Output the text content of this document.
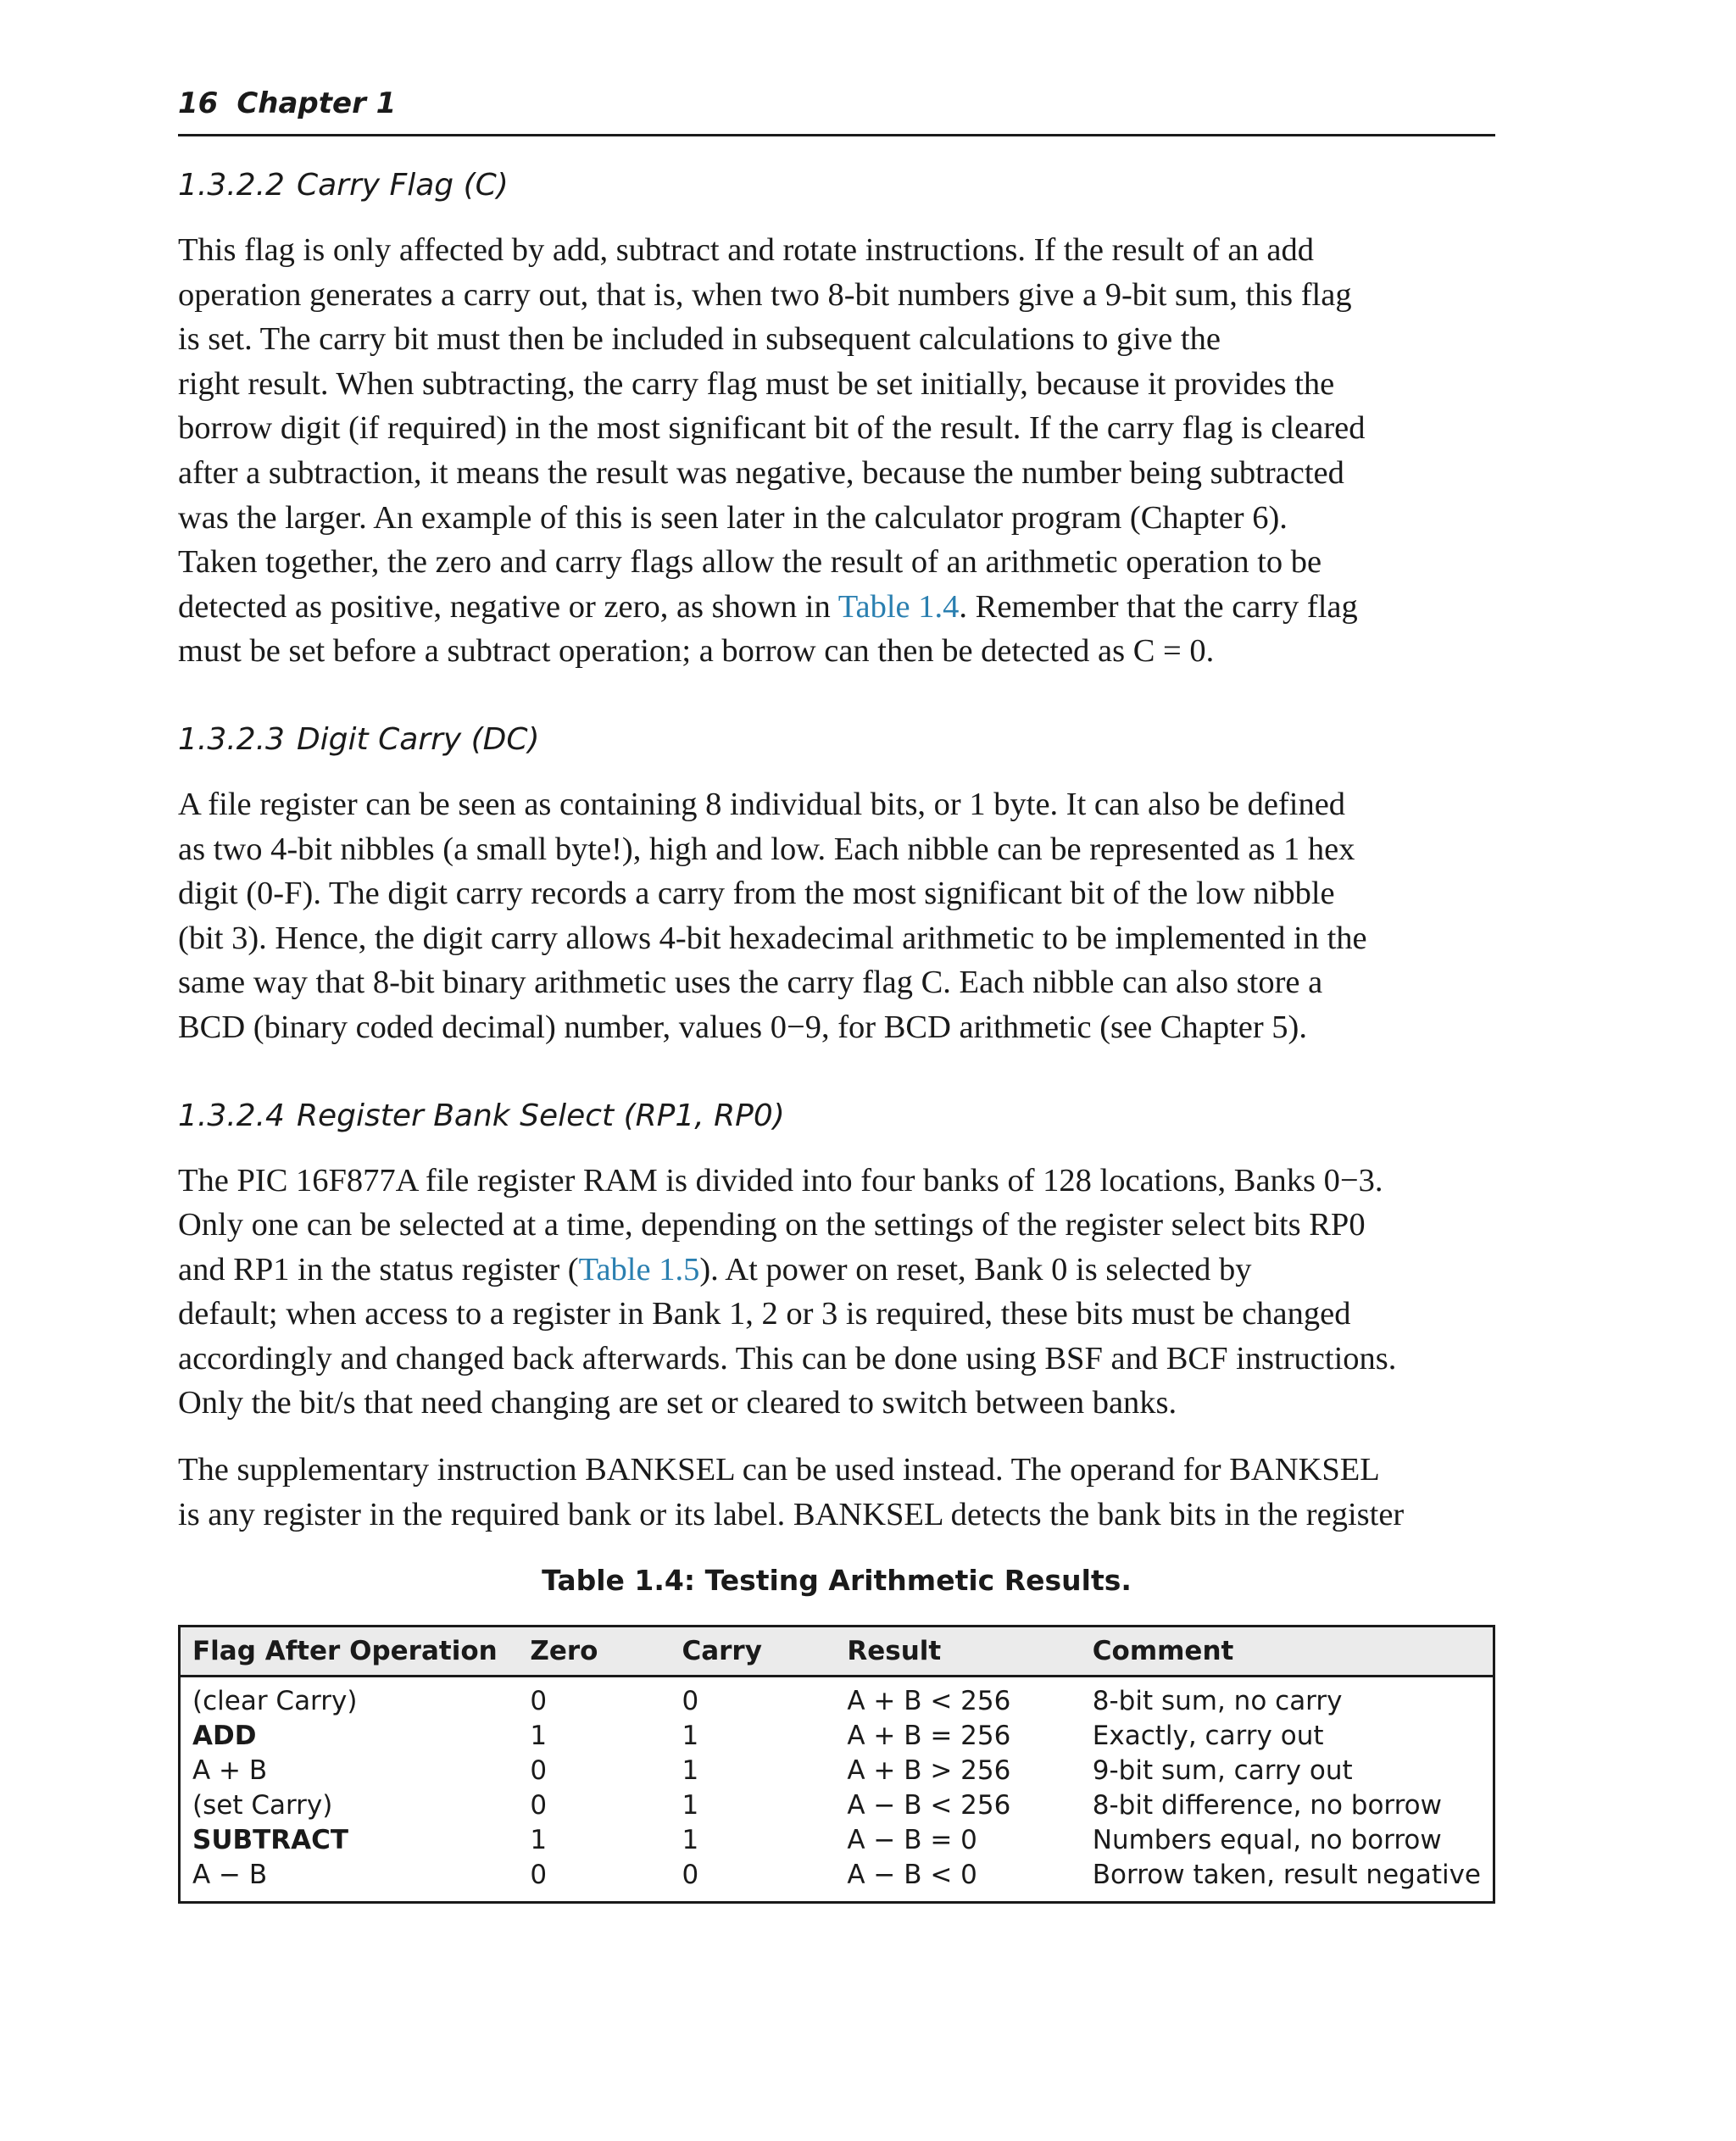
16 Chapter 1
1.3.2.2 Carry Flag (C)

This flag is only affected by add, subtract and rotate instructions. If the result of an add
operation generates a carry out, that is, when two 8-bit numbers give a 9-bit sum, this flag
is set. The carry bit must then be included in subsequent calculations to give the
right result. When subtracting, the carry flag must be set initially, because it provides the
borrow digit (if required) in the most significant bit of the result. If the carry flag is cleared
after a subtraction, it means the result was negative, because the number being subtracted
was the larger. An example of this is seen later in the calculator program (Chapter 6).
Taken together, the zero and carry flags allow the result of an arithmetic operation to be
detected as positive, negative or zero, as shown in Table 1.4. Remember that the carry flag
must be set before a subtract operation; a borrow can then be detected as C = 0.

1.3.2.3 Digit Carry (DC)

A file register can be seen as containing 8 individual bits, or 1 byte. It can also be defined
as two 4-bit nibbles (a small byte!), high and low. Each nibble can be represented as 1 hex
digit (0-F). The digit carry records a carry from the most significant bit of the low nibble
(bit 3). Hence, the digit carry allows 4-bit hexadecimal arithmetic to be implemented in the
same way that 8-bit binary arithmetic uses the carry flag C. Each nibble can also store a
BCD (binary coded decimal) number, values 0−9, for BCD arithmetic (see Chapter 5).

1.3.2.4 Register Bank Select (RP1, RP0)

The PIC 16F877A file register RAM is divided into four banks of 128 locations, Banks 0−3.
Only one can be selected at a time, depending on the settings of the register select bits RP0
and RP1 in the status register (Table 1.5). At power on reset, Bank 0 is selected by
default; when access to a register in Bank 1, 2 or 3 is required, these bits must be changed
accordingly and changed back afterwards. This can be done using BSF and BCF instructions.
Only the bit/s that need changing are set or cleared to switch between banks.

The supplementary instruction BANKSEL can be used instead. The operand for BANKSEL
is any register in the required bank or its label. BANKSEL detects the bank bits in the register

Table 1.4: Testing Arithmetic Results.
Flag After Operation	Zero	Carry	Result	Comment
(clear Carry)	0	0	A + B < 256	8-bit sum, no carry
ADD	1	1	A + B = 256	Exactly, carry out
A + B	0	1	A + B > 256	9-bit sum, carry out
(set Carry)	0	1	A − B < 256	8-bit difference, no borrow
SUBTRACT	1	1	A − B = 0	Numbers equal, no borrow
A − B	0	0	A − B < 0	Borrow taken, result negative
